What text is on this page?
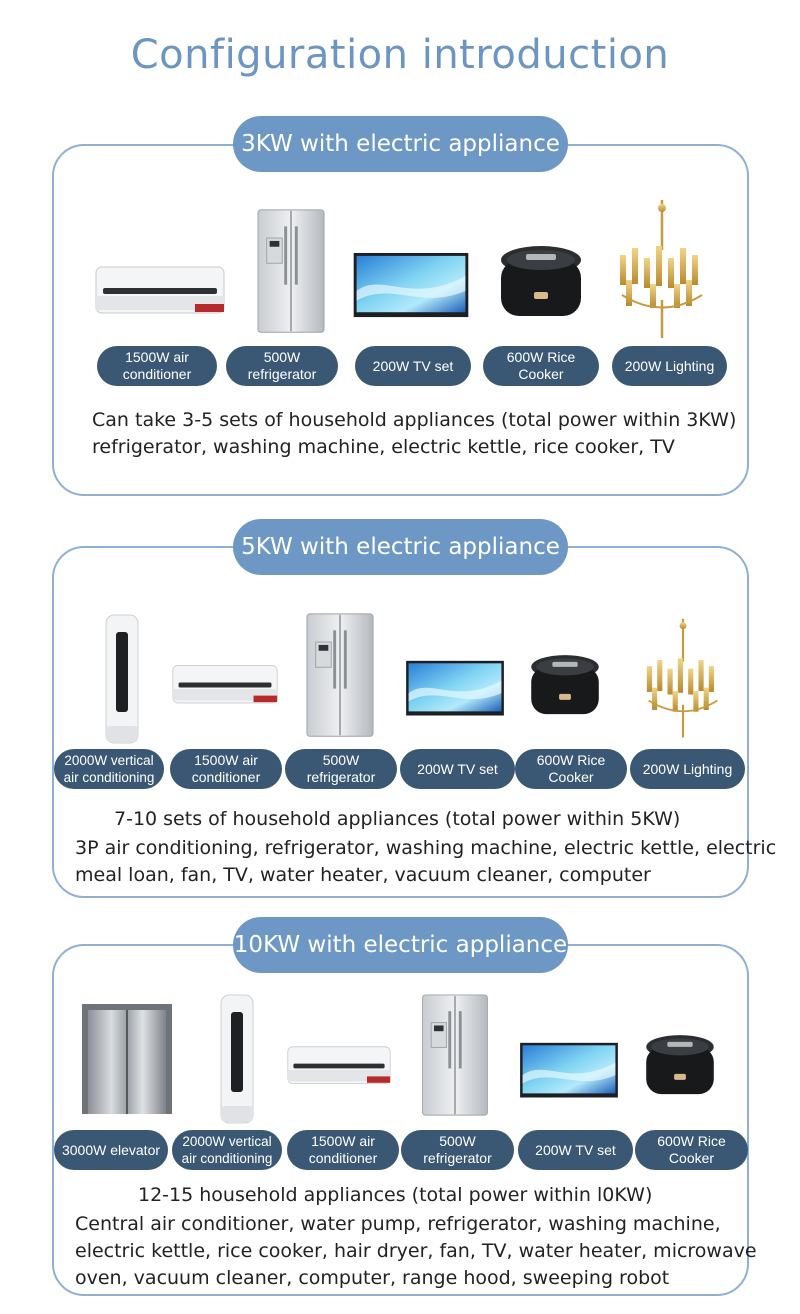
Configuration introduction
3KW with electric appliance
1500W air conditioner
500W refrigerator
200W TV set
600W Rice Cooker
200W Lighting
Can take 3-5 sets of household appliances (total power within 3KW)
refrigerator, washing machine, electric kettle, rice cooker, TV
5KW with electric appliance
2000W vertical air conditioning
1500W air conditioner
500W refrigerator
200W TV set
600W Rice Cooker
200W Lighting
7-10 sets of household appliances (total power within 5KW)
3P air conditioning, refrigerator, washing machine, electric kettle, electric
meal loan, fan, TV, water heater, vacuum cleaner, computer
10KW with electric appliance
3000W elevator	2000W vertical air conditioning
1500W air conditioner
500W refrigerator
200W TV set
600W Rice Cooker
12-15 household appliances (total power within l0KW)
Central air conditioner, water pump, refrigerator, washing machine,
electric kettle, rice cooker, hair dryer, fan, TV, water heater, microwave
oven, vacuum cleaner, computer, range hood, sweeping robot
